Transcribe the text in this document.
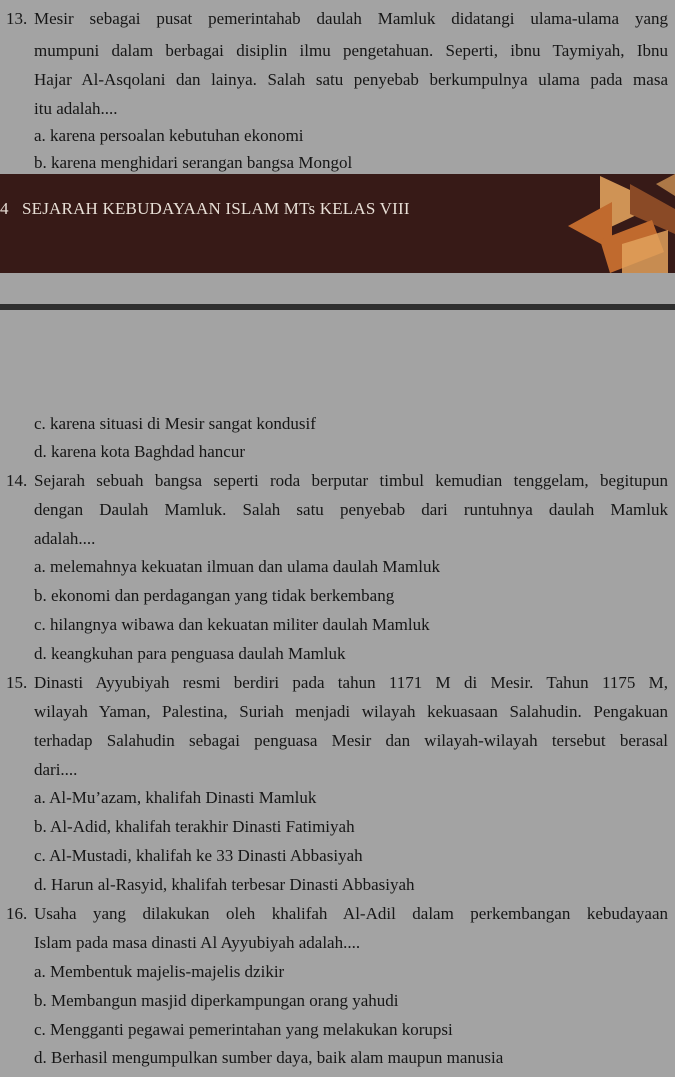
13. Mesir sebagai pusat pemerintahab daulah Mamluk didatangi ulama-ulama yang
mumpuni dalam berbagai disiplin ilmu pengetahuan. Seperti, ibnu Taymiyah, Ibnu
Hajar Al-Asqolani dan lainya. Salah satu penyebab berkumpulnya ulama pada masa
itu adalah....
a. karena persoalan kebutuhan ekonomi
b. karena menghidari serangan bangsa Mongol
4 SEJARAH KEBUDAYAAN ISLAM MTs KELAS VIII
c. karena situasi di Mesir sangat kondusif
d. karena kota Baghdad hancur
14. Sejarah sebuah bangsa seperti roda berputar timbul kemudian tenggelam, begitupun
dengan Daulah Mamluk. Salah satu penyebab dari runtuhnya daulah Mamluk
adalah....
a. melemahnya kekuatan ilmuan dan ulama daulah Mamluk
b. ekonomi dan perdagangan yang tidak berkembang
c. hilangnya wibawa dan kekuatan militer daulah Mamluk
d. keangkuhan para penguasa daulah Mamluk
15. Dinasti Ayyubiyah resmi berdiri pada tahun 1171 M di Mesir. Tahun 1175 M,
wilayah Yaman, Palestina, Suriah menjadi wilayah kekuasaan Salahudin. Pengakuan
terhadap Salahudin sebagai penguasa Mesir dan wilayah-wilayah tersebut berasal
dari....
a. Al-Mu’azam, khalifah Dinasti Mamluk
b. Al-Adid, khalifah terakhir Dinasti Fatimiyah
c. Al-Mustadi, khalifah ke 33 Dinasti Abbasiyah
d. Harun al-Rasyid, khalifah terbesar Dinasti Abbasiyah
16. Usaha yang dilakukan oleh khalifah Al-Adil dalam perkembangan kebudayaan
Islam pada masa dinasti Al Ayyubiyah adalah....
a. Membentuk majelis-majelis dzikir
b. Membangun masjid diperkampungan orang yahudi
c. Mengganti pegawai pemerintahan yang melakukan korupsi
d. Berhasil mengumpulkan sumber daya, baik alam maupun manusia
